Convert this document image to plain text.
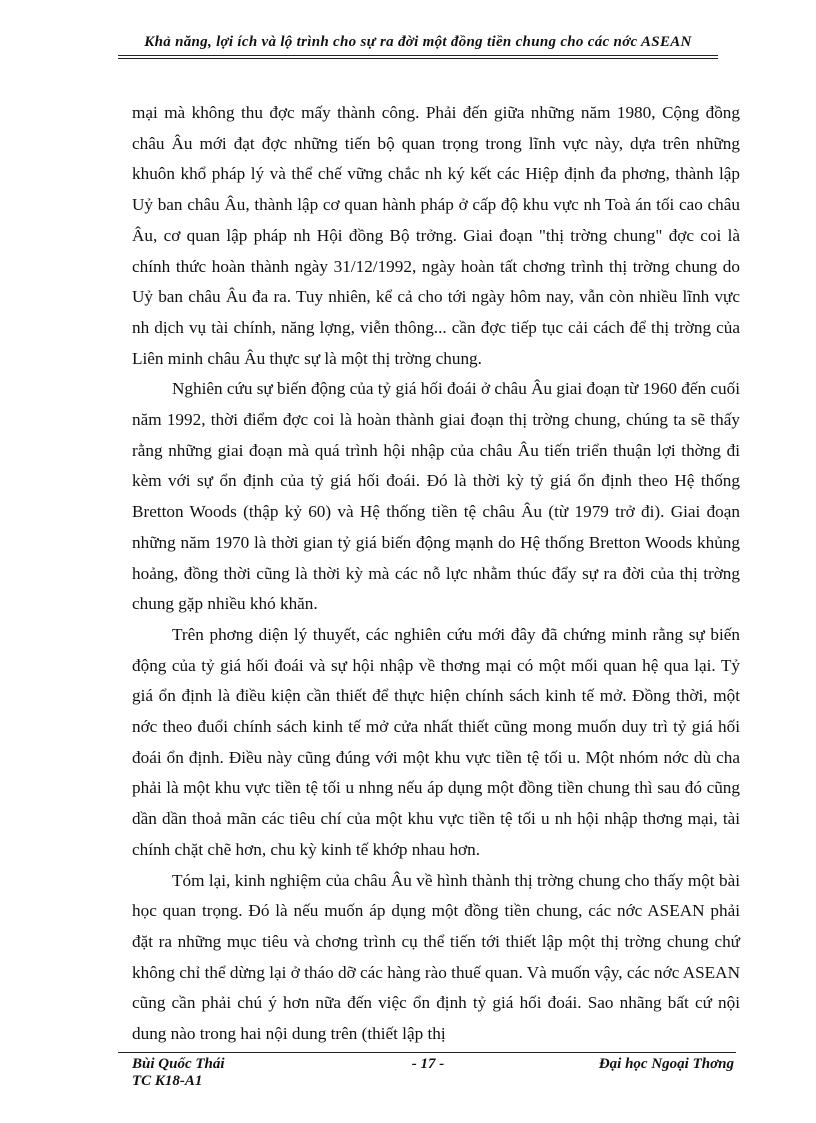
Khả năng, lợi ích và lộ trình cho sự ra đời một đồng tiền chung cho các nớc ASEAN

mại mà không thu đợc mấy thành công. Phải đến giữa những năm 1980, Cộng đồng châu Âu mới đạt đợc những tiến bộ quan trọng trong lĩnh vực này, dựa trên những khuôn khổ pháp lý và thể chế vững chắc nh ký kết các Hiệp định đa phơng, thành lập Uỷ ban châu Âu, thành lập cơ quan hành pháp ở cấp độ khu vực nh Toà án tối cao châu Âu, cơ quan lập pháp nh Hội đồng Bộ trởng. Giai đoạn "thị trờng chung" đợc coi là chính thức hoàn thành ngày 31/12/1992, ngày hoàn tất chơng trình thị trờng chung do Uỷ ban châu Âu đa ra. Tuy nhiên, kể cả cho tới ngày hôm nay, vẫn còn nhiều lĩnh vực nh dịch vụ tài chính, năng lợng, viễn thông... cần đợc tiếp tục cải cách để thị trờng của Liên minh châu Âu thực sự là một thị trờng chung.

Nghiên cứu sự biến động của tỷ giá hối đoái ở châu Âu giai đoạn từ 1960 đến cuối năm 1992, thời điểm đợc coi là hoàn thành giai đoạn thị trờng chung, chúng ta sẽ thấy rằng những giai đoạn mà quá trình hội nhập của châu Âu tiến triển thuận lợi thờng đi kèm với sự ổn định của tỷ giá hối đoái. Đó là thời kỳ tỷ giá ổn định theo Hệ thống Bretton Woods (thập kỷ 60) và Hệ thống tiền tệ châu Âu (từ 1979 trở đi). Giai đoạn những năm 1970 là thời gian tỷ giá biến động mạnh do Hệ thống Bretton Woods khủng hoảng, đồng thời cũng là thời kỳ mà các nỗ lực nhằm thúc đẩy sự ra đời của thị trờng chung gặp nhiều khó khăn.

Trên phơng diện lý thuyết, các nghiên cứu mới đây đã chứng minh rằng sự biến động của tỷ giá hối đoái và sự hội nhập về thơng mại có một mối quan hệ qua lại. Tỷ giá ổn định là điều kiện cần thiết để thực hiện chính sách kinh tế mở. Đồng thời, một nớc theo đuổi chính sách kinh tế mở cửa nhất thiết cũng mong muốn duy trì tỷ giá hối đoái ổn định. Điều này cũng đúng với một khu vực tiền tệ tối u. Một nhóm nớc dù cha phải là một khu vực tiền tệ tối u nhng nếu áp dụng một đồng tiền chung thì sau đó cũng dần dần thoả mãn các tiêu chí của một khu vực tiền tệ tối u nh hội nhập thơng mại, tài chính chặt chẽ hơn, chu kỳ kinh tế khớp nhau hơn.

Tóm lại, kinh nghiệm của châu Âu về hình thành thị trờng chung cho thấy một bài học quan trọng. Đó là nếu muốn áp dụng một đồng tiền chung, các nớc ASEAN phải đặt ra những mục tiêu và chơng trình cụ thể tiến tới thiết lập một thị trờng chung chứ không chỉ thể dừng lại ở tháo dỡ các hàng rào thuế quan. Và muốn vậy, các nớc ASEAN cũng cần phải chú ý hơn nữa đến việc ổn định tỷ giá hối đoái. Sao nhãng bất cứ nội dung nào trong hai nội dung trên (thiết lập thị

Bùi Quốc Thái
TC K18-A1
- 17 -	Đại học Ngoại Thơng
